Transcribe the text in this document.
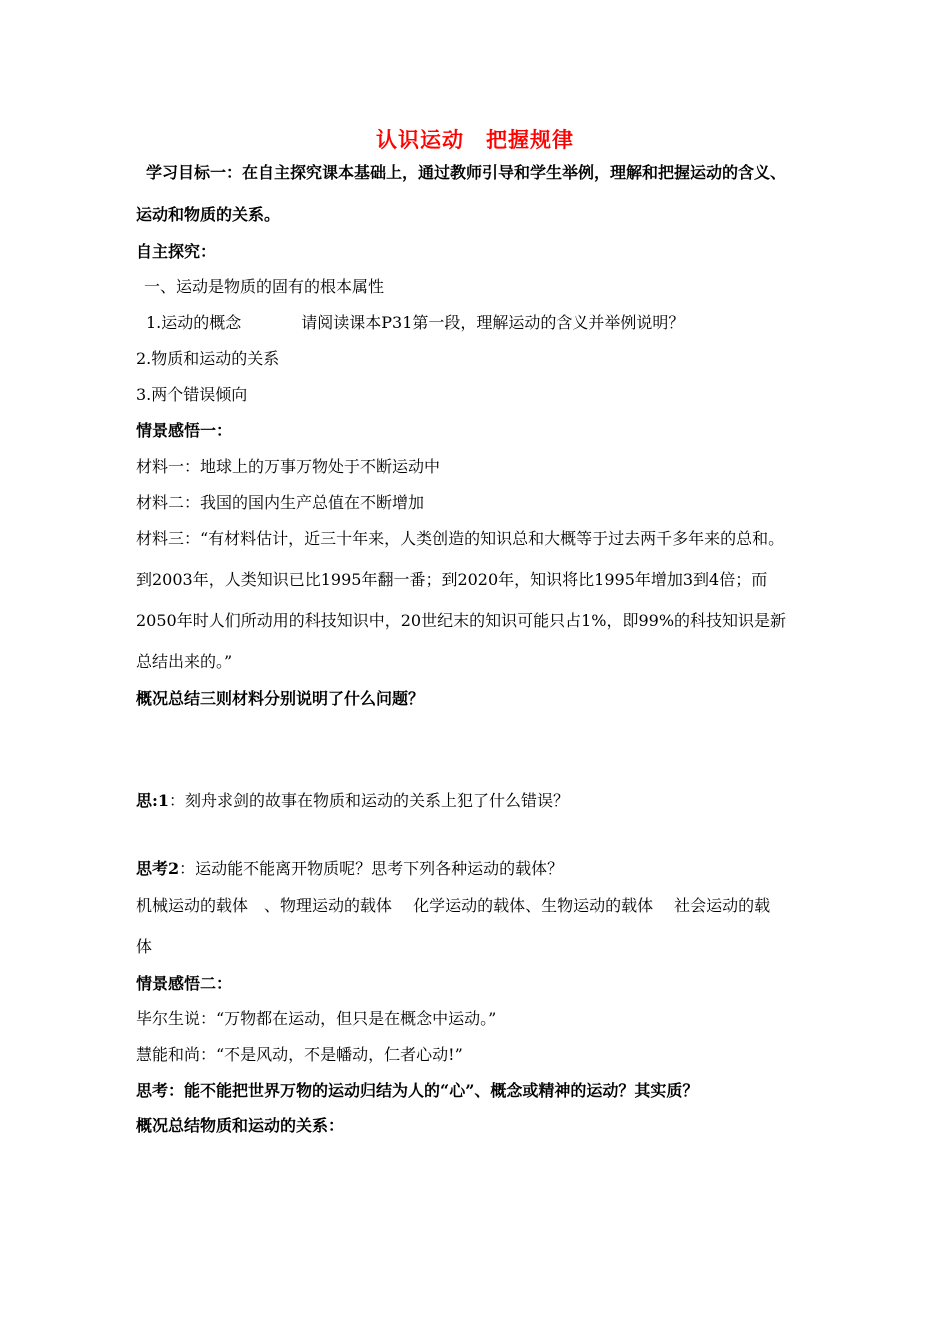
认识运动　把握规律
学习目标一：在自主探究课本基础上，通过教师引导和学生举例，理解和把握运动的含义、
运动和物质的关系。
自主探究：
一、运动是物质的固有的根本属性
1.运动的概念	请阅读课本P31第一段，理解运动的含义并举例说明？
2.物质和运动的关系
3.两个错误倾向
情景感悟一：
材料一：地球上的万事万物处于不断运动中
材料二：我国的国内生产总值在不断增加
材料三：“有材料估计，近三十年来，人类创造的知识总和大概等于过去两千多年来的总和。
到2003年，人类知识已比1995年翻一番；到2020年，知识将比1995年增加3到4倍；而
2050年时人们所动用的科技知识中，20世纪末的知识可能只占1%，即99%的科技知识是新
总结出来的。”
概况总结三则材料分别说明了什么问题？
思:1：刻舟求剑的故事在物质和运动的关系上犯了什么错误？
思考2：运动能不能离开物质呢？思考下列各种运动的载体？
机械运动的载体　、物理运动的载体　 化学运动的载体、生物运动的载体　 社会运动的载
体
情景感悟二：
毕尔生说：“万物都在运动，但只是在概念中运动。”
慧能和尚：“不是风动，不是幡动，仁者心动!”
思考：能不能把世界万物的运动归结为人的“心”、概念或精神的运动？其实质？
概况总结物质和运动的关系：
